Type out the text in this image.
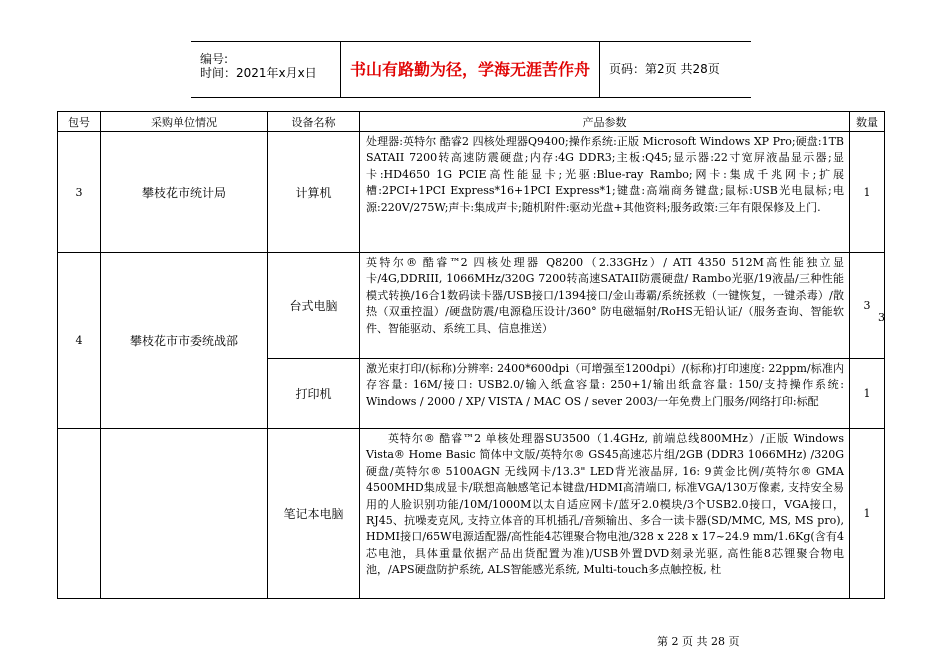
编号:
时间：2021年x月x日	书山有路勤为径，学海无涯苦作舟	页码：第2页 共28页
包号	采购单位情况	设备名称	产品参数	数量
3	攀枝花市统计局	计算机	处理器:英特尔 酷睿2 四核处理器Q9400;操作系统:正版 Microsoft Windows XP Pro;硬盘:1TB SATAII 7200转高速防震硬盘;内存:4G DDR3;主板:Q45;显示器:22寸宽屏液晶显示器;显卡:HD4650 1G PCIE高性能显卡;光驱:Blue-ray Rambo;网卡:集成千兆网卡;扩展槽:2PCI+1PCI Express*16+1PCI Express*1;键盘:高端商务键盘;鼠标:USB光电鼠标;电源:220V/275W;声卡:集成声卡;随机附件:驱动光盘+其他资料;服务政策:三年有限保修及上门.	1
4	攀枝花市市委统战部	台式电脑	英特尔® 酷睿™2 四核处理器 Q8200（2.33GHz）/ ATI 4350 512M高性能独立显卡/4G,DDRIII, 1066MHz/320G 7200转高速SATAII防震硬盘/ Rambo光驱/19液晶/三种性能模式转换/16合1数码读卡器/USB接口/1394接口/金山毒霸/系统拯救（一键恢复，一键杀毒）/散热（双重控温）/硬盘防震/电源稳压设计/360° 防电磁辐射/RoHS无铅认证/（服务查询、智能软件、智能驱动、系统工具、信息推送）	3
		打印机	激光束打印/(标称)分辨率: 2400*600dpi（可增强至1200dpi）/(标称)打印速度: 22ppm/标准内存容量: 16M/接口: USB2.0/输入纸盒容量: 250+1/输出纸盒容量: 150/支持操作系统: Windows / 2000 / XP/ VISTA / MAC OS / sever 2003/一年免费上门服务/网络打印:标配	1
		笔记本电脑	英特尔® 酷睿™2 单核处理器SU3500（1.4GHz, 前端总线800MHz）/正版 Windows Vista® Home Basic 简体中文版/英特尔® GS45高速芯片组/2GB (DDR3 1066MHz) /320G硬盘/英特尔® 5100AGN 无线网卡/13.3" LED背光液晶屏, 16: 9黄金比例/英特尔® GMA 4500MHD集成显卡/联想高触感笔记本键盘/HDMI高清端口, 标准VGA/130万像素, 支持安全易用的人脸识别功能/10M/1000M以太自适应网卡/蓝牙2.0模块/3个USB2.0接口，VGA接口，RJ45、抗噪麦克风, 支持立体音的耳机插孔/音频输出、多合一读卡器(SD/MMC, MS, MS pro), HDMI接口/65W电源适配器/高性能4芯锂聚合物电池/328 x 228 x 17~24.9 mm/1.6Kg(含有4芯电池，具体重量依据产品出货配置为准)/USB外置DVD刻录光驱, 高性能8芯锂聚合物电池，/APS硬盘防护系统, ALS智能感光系统, Multi-touch多点触控板, 杜	1
3
第 2 页 共 28 页
